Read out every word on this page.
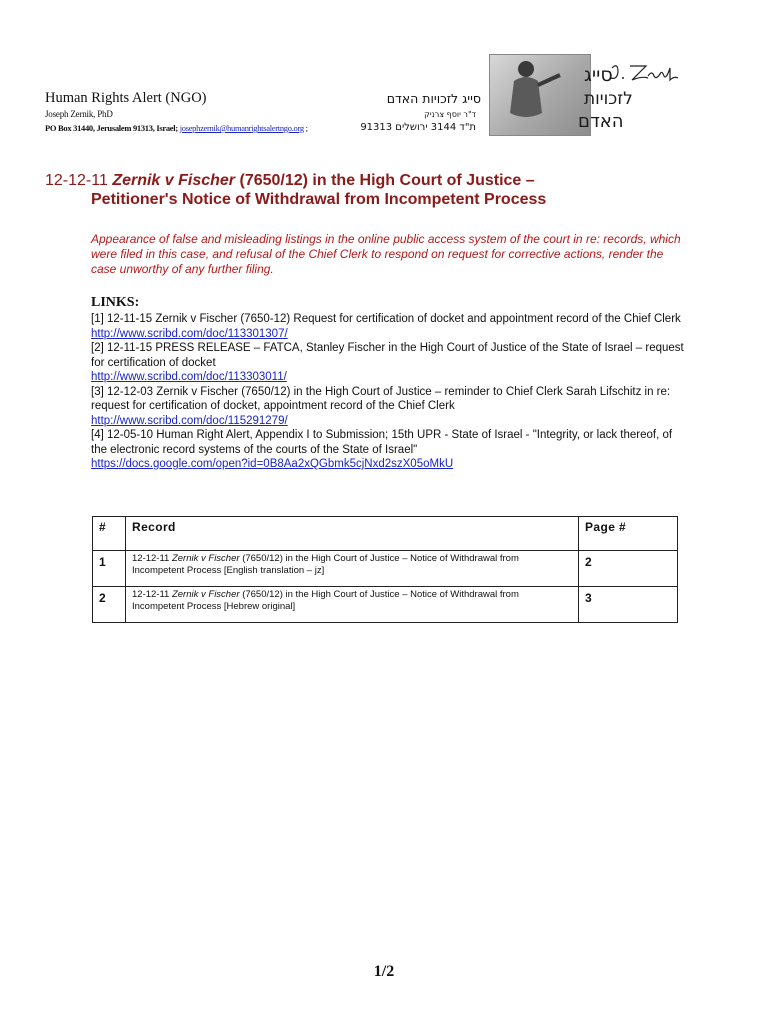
Human Rights Alert (NGO)
Joseph Zernik, PhD
PO Box 31440, Jerusalem 91313, Israel; josephzernik@humanrightsalertngo.org ;
סייג לזכויות האדם
ד"ר יוסף צרניק
ת"ד 3144 ירושלים 91313
סייג
לזכויות
האדם
12-12-11 Zernik v Fischer (7650/12) in the High Court of Justice –
Petitioner's Notice of Withdrawal from Incompetent Process
Appearance of false and misleading listings in the online public access system of the court in re: records, which were filed in this case, and refusal of the Chief Clerk to respond on request for corrective actions, render the case unworthy of any further filing.
LINKS:
[1] 12-11-15 Zernik v Fischer (7650-12) Request for certification of docket and appointment record of the Chief Clerk
http://www.scribd.com/doc/113301307/
[2] 12-11-15 PRESS RELEASE – FATCA, Stanley Fischer in the High Court of Justice of the State of Israel – request for certification of docket
http://www.scribd.com/doc/113303011/
[3] 12-12-03 Zernik v Fischer (7650/12) in the High Court of Justice – reminder to Chief Clerk Sarah Lifschitz in re: request for certification of docket, appointment record of the Chief Clerk
http://www.scribd.com/doc/115291279/
[4] 12-05-10 Human Right Alert, Appendix I to Submission; 15th UPR - State of Israel - "Integrity, or lack thereof, of the electronic record systems of the courts of the State of Israel"
https://docs.google.com/open?id=0B8Aa2xQGbmk5cjNxd2szX05oMkU
#	Record	Page #
1	12-12-11 Zernik v Fischer (7650/12) in the High Court of Justice – Notice of Withdrawal from Incompetent Process [English translation – jz]	2
2	12-12-11 Zernik v Fischer (7650/12) in the High Court of Justice – Notice of Withdrawal from Incompetent Process [Hebrew original]	3
1/2
